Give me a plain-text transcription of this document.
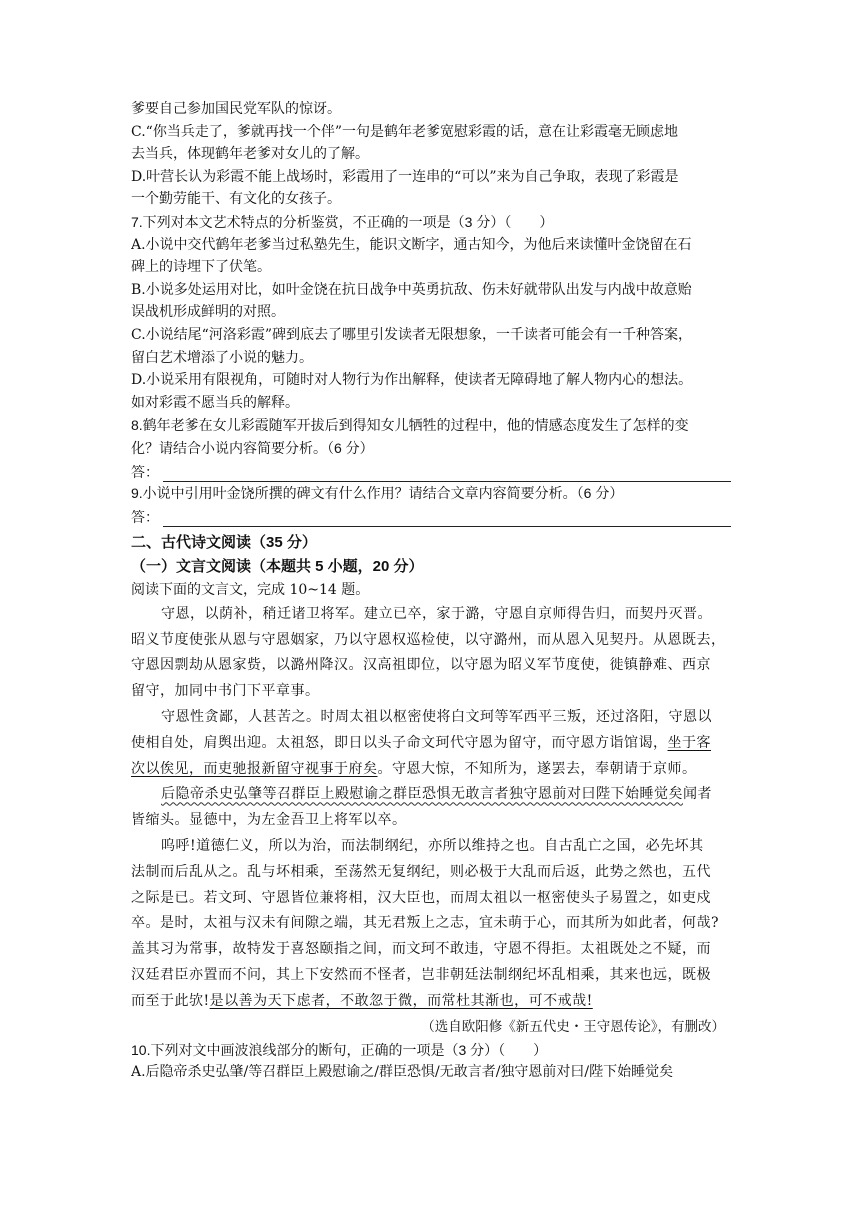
爹要自己参加国民党军队的惊讶。
C.“你当兵走了，爹就再找一个伴”一句是鹤年老爹宽慰彩霞的话，意在让彩霞毫无顾虑地
去当兵，体现鹤年老爹对女儿的了解。
D.叶营长认为彩霞不能上战场时，彩霞用了一连串的“可以”来为自己争取，表现了彩霞是
一个勤劳能干、有文化的女孩子。
7.下列对本文艺术特点的分析鉴赏，不正确的一项是（3 分）（　　）
A.小说中交代鹤年老爹当过私塾先生，能识文断字，通古知今，为他后来读懂叶金饶留在石
碑上的诗埋下了伏笔。
B.小说多处运用对比，如叶金饶在抗日战争中英勇抗敌、伤未好就带队出发与内战中故意贻
误战机形成鲜明的对照。
C.小说结尾“河洛彩霞”碑到底去了哪里引发读者无限想象，一千读者可能会有一千种答案，
留白艺术增添了小说的魅力。
D.小说采用有限视角，可随时对人物行为作出解释，使读者无障碍地了解人物内心的想法。
如对彩霞不愿当兵的解释。
8.鹤年老爹在女儿彩霞随军开拔后到得知女儿牺牲的过程中，他的情感态度发生了怎样的变
化？请结合小说内容简要分析。（6 分）
答：
9.小说中引用叶金饶所撰的碑文有什么作用？请结合文章内容简要分析。（6 分）
答：
二、古代诗文阅读（35 分）
（一）文言文阅读（本题共 5 小题，20 分）
阅读下面的文言文，完成 10~14 题。
守恩，以荫补，稍迁诸卫将军。建立已卒，家于潞，守恩自京师得告归，而契丹灭晋。
昭义节度使张从恩与守恩姻家，乃以守恩权巡检使，以守潞州，而从恩入见契丹。从恩既去，
守恩因剽劫从恩家赀，以潞州降汉。汉高祖即位，以守恩为昭义军节度使，徙镇静难、西京
留守，加同中书门下平章事。
守恩性贪鄙，人甚苦之。时周太祖以枢密使将白文珂等军西平三叛，还过洛阳，守恩以
使相自处，肩舆出迎。太祖怒，即日以头子命文珂代守恩为留守，而守恩方诣馆谒，坐于客
次以俟见，而吏驰报新留守视事于府矣。守恩大惊，不知所为，遂罢去，奉朝请于京师。
后隐帝杀史弘肇等召群臣上殿慰谕之群臣恐惧无敢言者独守恩前对曰陛下始睡觉矣闻者
皆缩头。显德中，为左金吾卫上将军以卒。
呜呼!道德仁义，所以为治，而法制纲纪，亦所以维持之也。自古乱亡之国，必先坏其
法制而后乱从之。乱与坏相乘，至荡然无复纲纪，则必极于大乱而后返，此势之然也，五代
之际是已。若文珂、守恩皆位兼将相，汉大臣也，而周太祖以一枢密使头子易置之，如吏戍
卒。是时，太祖与汉未有间隙之端，其无君叛上之志，宜未萌于心，而其所为如此者，何哉?
盖其习为常事，故特发于喜怒颐指之间，而文珂不敢违，守恩不得拒。太祖既处之不疑，而
汉廷君臣亦置而不问，其上下安然而不怪者，岂非朝廷法制纲纪坏乱相乘，其来也远，既极
而至于此欤!是以善为天下虑者，不敢忽于微，而常杜其渐也，可不戒哉!
（选自欧阳修《新五代史・王守恩传论》，有删改）
10.下列对文中画波浪线部分的断句，正确的一项是（3 分）（　　）
A.后隐帝杀史弘肇/等召群臣上殿慰谕之/群臣恐惧/无敢言者/独守恩前对曰/陛下始睡觉矣
